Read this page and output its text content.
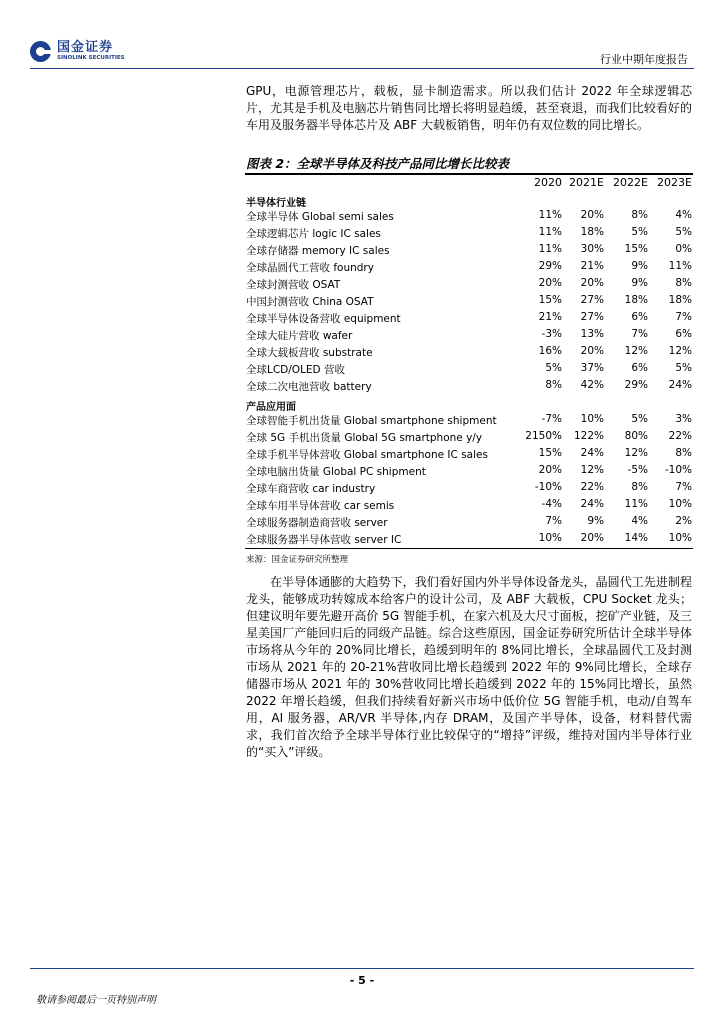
国金证券
SINOLINK SECURITIES	行业中期年度报告

GPU，电源管理芯片，载板，显卡制造需求。所以我们估计 2022 年全球逻辑芯片，尤其是手机及电脑芯片销售同比增长将明显趋缓，甚至衰退，而我们比较看好的车用及服务器半导体芯片及 ABF 大载板销售，明年仍有双位数的同比增长。

图表 2：全球半导体及科技产品同比增长比较表
2020 2021E 2022E 2023E
半导体行业链
全球半导体 Global semi sales	11%	20%	8%	4%
全球逻辑芯片 logic IC sales	11%	18%	5%	5%
全球存储器 memory IC sales	11%	30%	15%	0%
全球晶圆代工营收 foundry	29%	21%	9%	11%
全球封测营收 OSAT	20%	20%	9%	8%
中国封测营收 China OSAT	15%	27%	18%	18%
全球半导体设备营收 equipment	21%	27%	6%	7%
全球大硅片营收 wafer	-3%	13%	7%	6%
全球大载板营收 substrate	16%	20%	12%	12%
全球LCD/OLED 营收	5%	37%	6%	5%
全球二次电池营收 battery	8%	42%	29%	24%
产品应用面
全球智能手机出货量 Global smartphone shipment	-7%	10%	5%	3%
全球 5G 手机出货量 Global 5G smartphone y/y	2150%	122%	80%	22%
全球手机半导体营收 Global smartphone IC sales	15%	24%	12%	8%
全球电脑出货量 Global PC shipment	20%	12%	-5%	-10%
全球车商营收 car industry	-10%	22%	8%	7%
全球车用半导体营收 car semis	-4%	24%	11%	10%
全球服务器制造商营收 server	7%	9%	4%	2%
全球服务器半导体营收 server IC	10%	20%	14%	10%
来源：国金证券研究所整理

在半导体通膨的大趋势下，我们看好国内外半导体设备龙头，晶圆代工先进制程龙头，能够成功转嫁成本给客户的设计公司，及 ABF 大载板，CPU Socket 龙头；但建议明年要先避开高价 5G 智能手机，在家六机及大尺寸面板，挖矿产业链，及三星美国厂产能回归后的同级产品链。综合这些原因，国金证券研究所估计全球半导体市场将从今年的 20%同比增长，趋缓到明年的 8%同比增长，全球晶圆代工及封测市场从 2021 年的 20-21%营收同比增长趋缓到 2022 年的 9%同比增长，全球存储器市场从 2021 年的 30%营收同比增长趋缓到 2022 年的 15%同比增长，虽然 2022 年增长趋缓，但我们持续看好新兴市场中低价位 5G 智能手机，电动/自驾车用，AI 服务器，AR/VR 半导体,内存 DRAM，及国产半导体，设备，材料替代需求，我们首次给予全球半导体行业比较保守的“增持”评级，维持对国内半导体行业的“买入”评级。

- 5 -
敬请参阅最后一页特别声明
